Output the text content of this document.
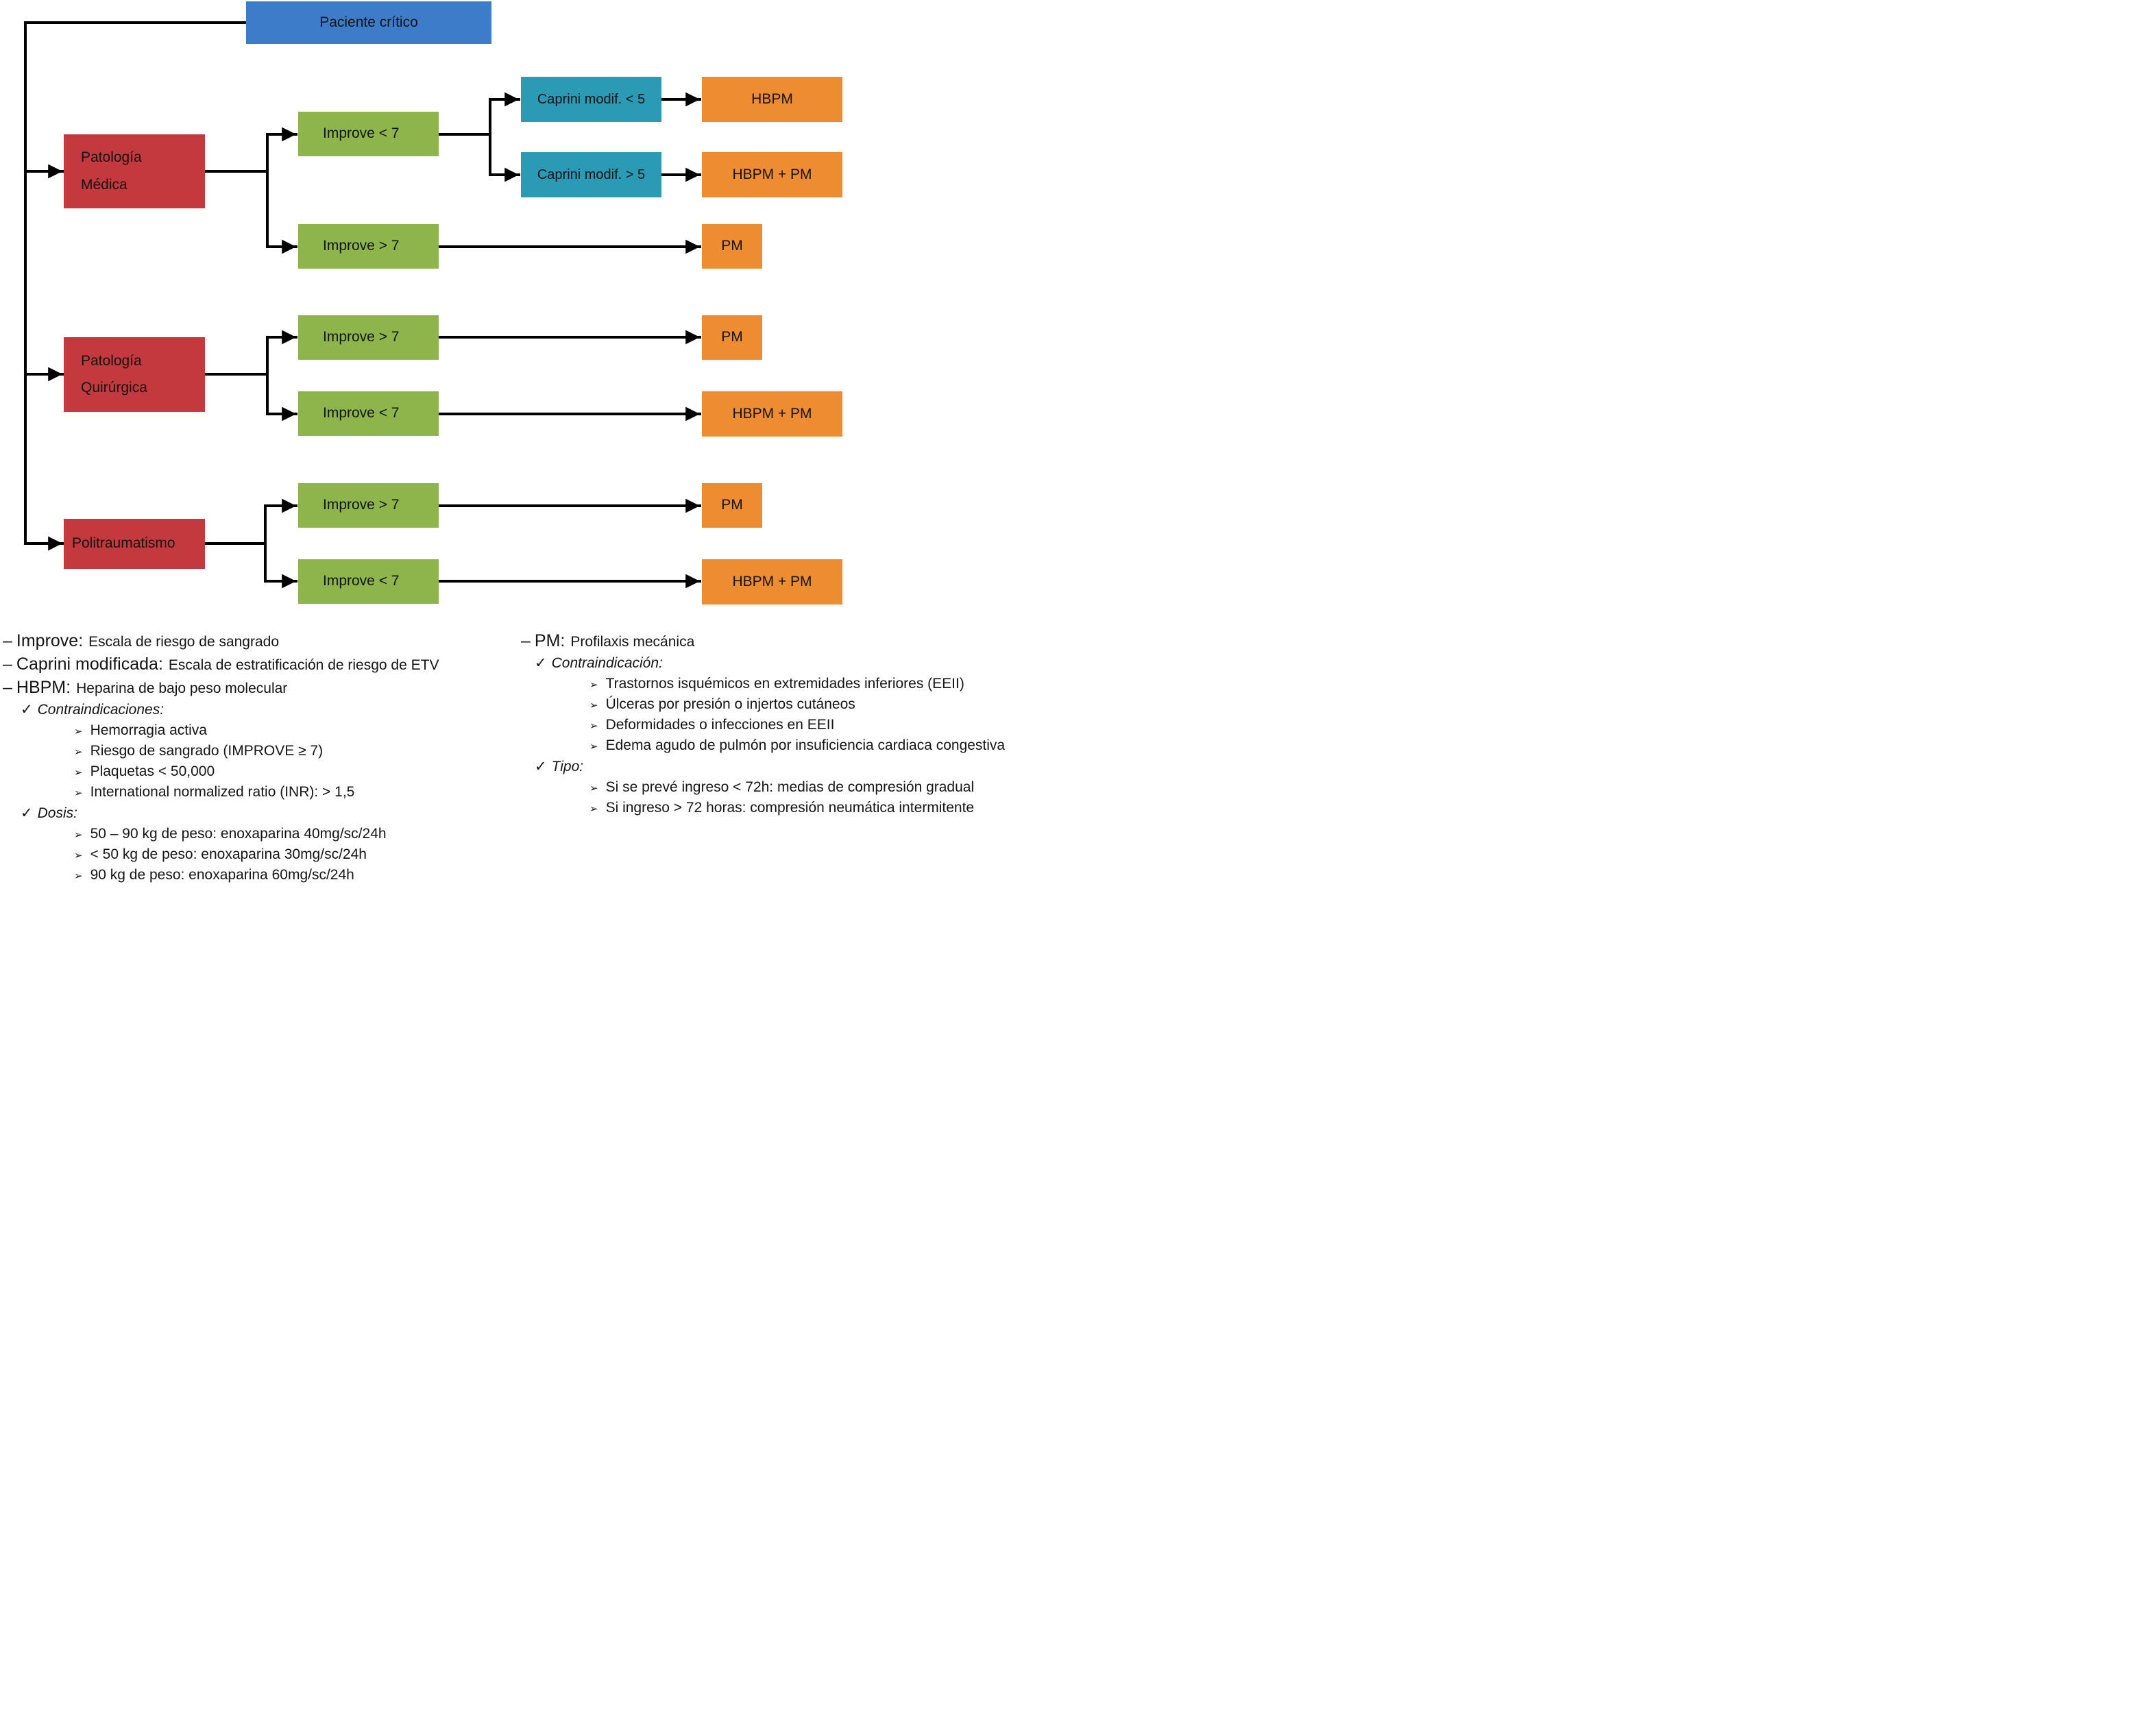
Paciente crítico
Patología
Médica
Patología
Quirúrgica
Politraumatismo
Improve < 7
Improve > 7
Improve > 7
Improve < 7
Improve > 7
Improve < 7
Caprini modif. < 5
Caprini modif. > 5
HBPM
HBPM + PM
PM
PM
HBPM + PM
PM
HBPM + PM
– Improve: Escala de riesgo de sangrado
– Caprini modificada: Escala de estratificación de riesgo de ETV
– HBPM: Heparina de bajo peso molecular
✓ Contraindicaciones:
➢ Hemorragia activa
➢ Riesgo de sangrado (IMPROVE ≥ 7)
➢ Plaquetas < 50,000
➢ International normalized ratio (INR): > 1,5
✓ Dosis:
➢ 50 – 90 kg de peso: enoxaparina 40mg/sc/24h
➢ < 50 kg de peso: enoxaparina 30mg/sc/24h
➢ 90 kg de peso: enoxaparina 60mg/sc/24h
– PM: Profilaxis mecánica
✓ Contraindicación:
➢ Trastornos isquémicos en extremidades inferiores (EEII)
➢ Úlceras por presión o injertos cutáneos
➢ Deformidades o infecciones en EEII
➢ Edema agudo de pulmón por insuficiencia cardiaca congestiva
✓ Tipo:
➢ Si se prevé ingreso < 72h: medias de compresión gradual
➢ Si ingreso > 72 horas: compresión neumática intermitente
